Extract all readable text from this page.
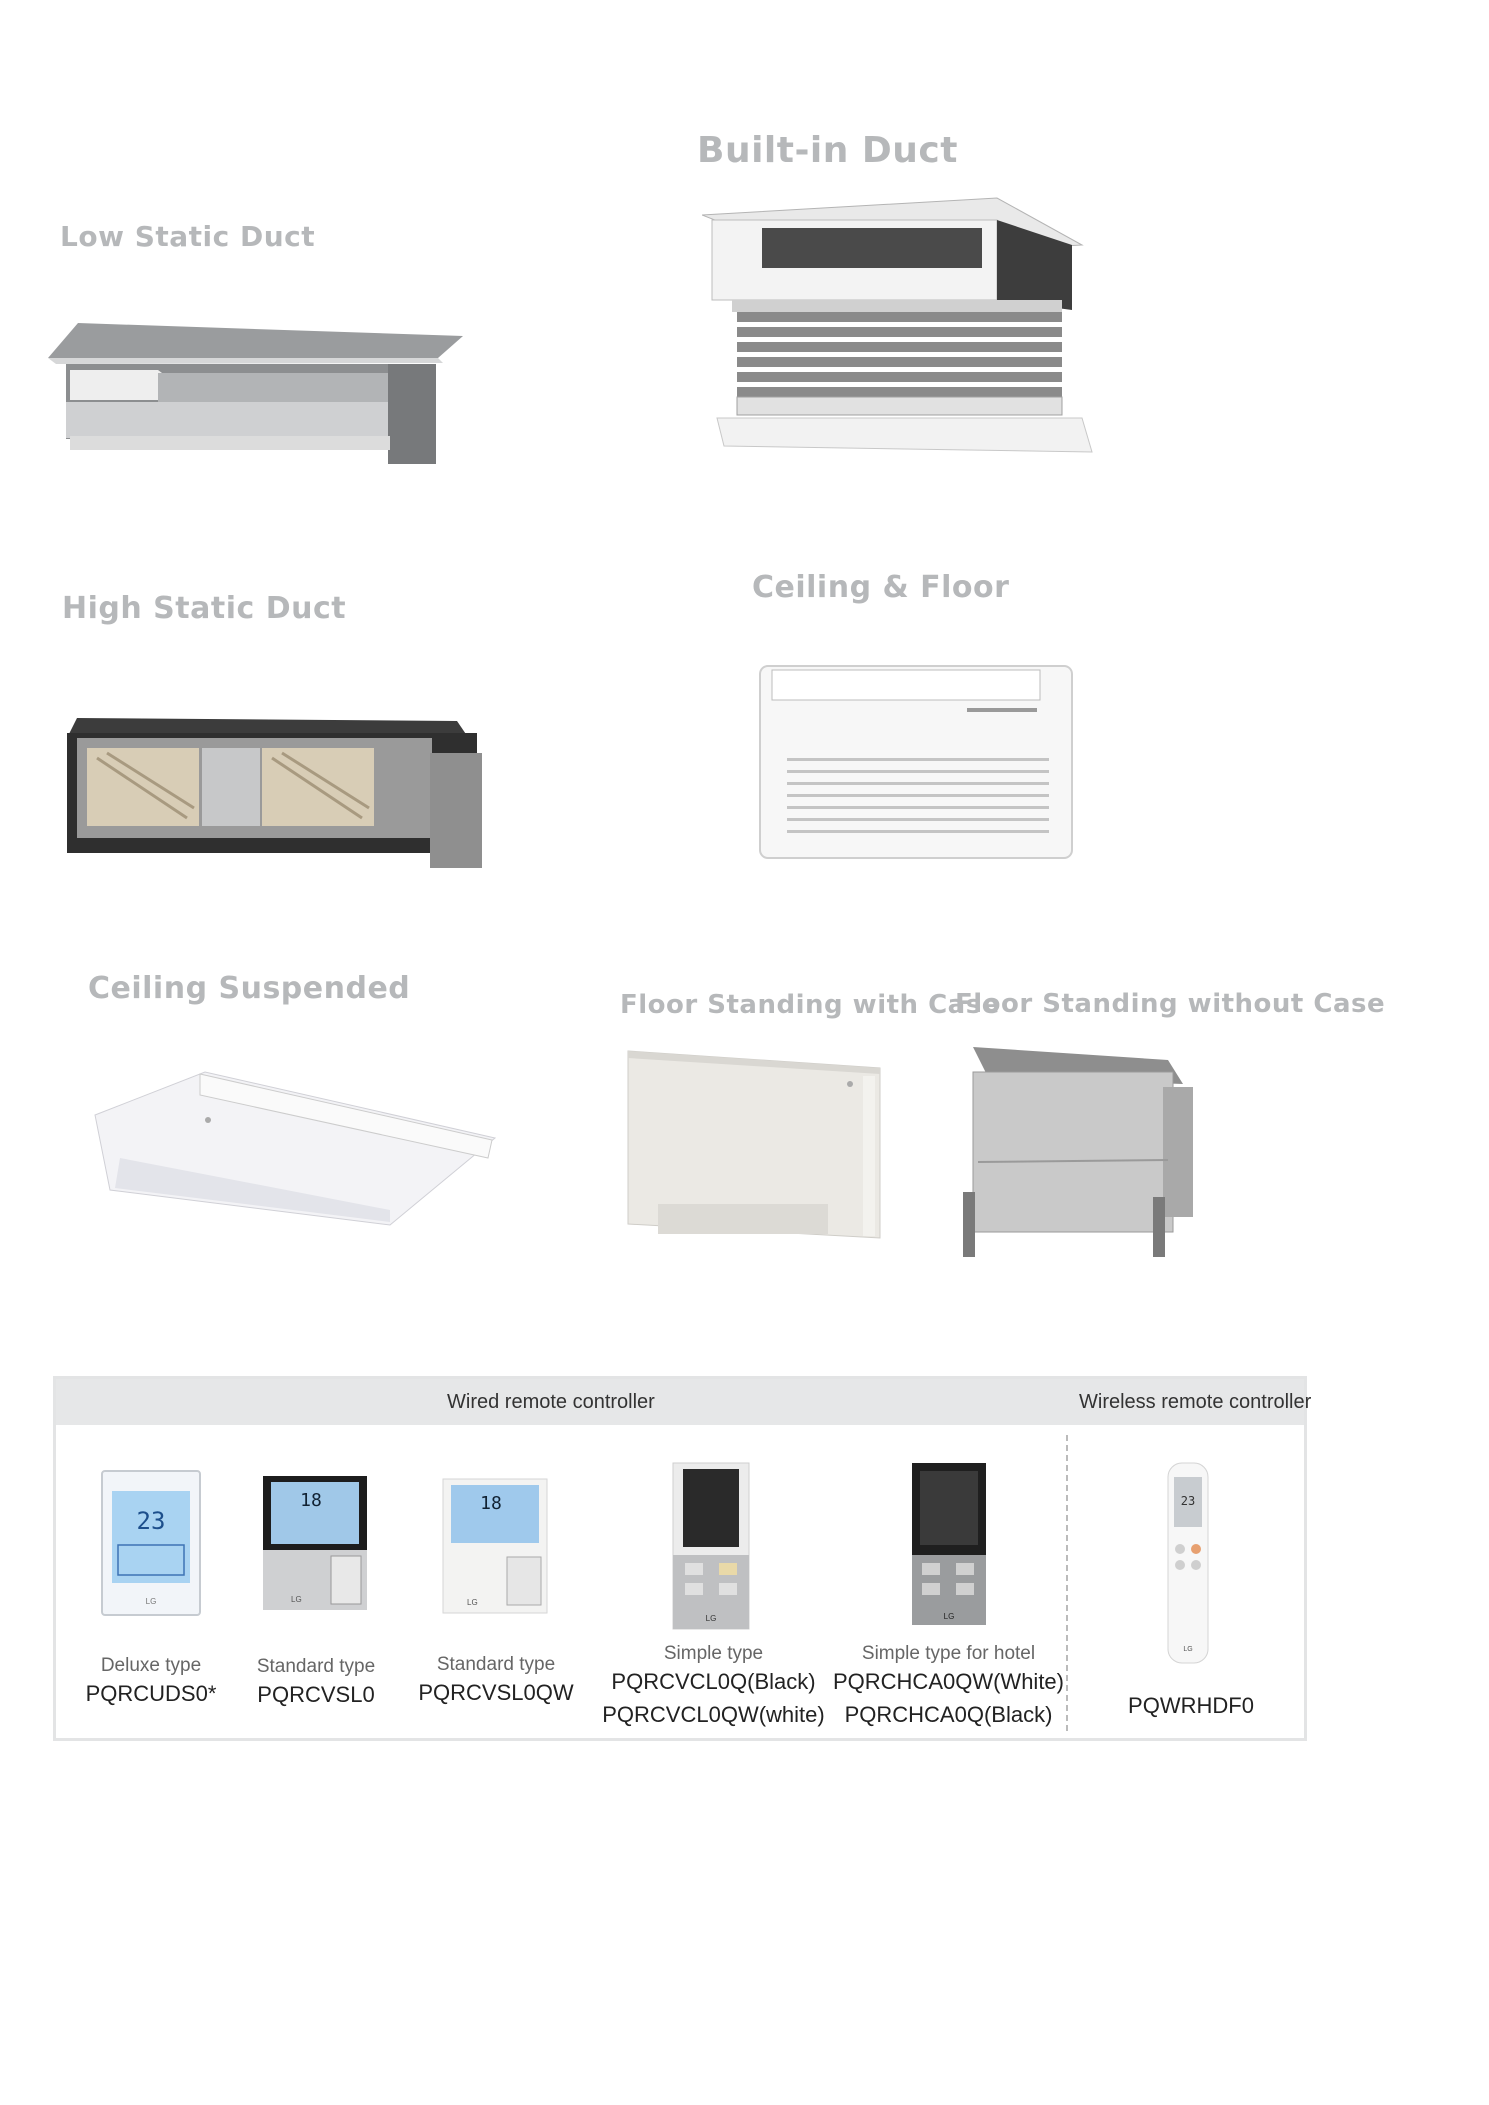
Low Static Duct
Built-in Duct
High Static Duct
Ceiling & Floor
Ceiling Suspended	Floor Standing with Case
Floor Standing without Case
Wired remote controller	Wireless remote controller
23
LG
18
LG
18
LG
LG	LG
23
LG
Deluxe type
PQRCUDS0*
Standard type
PQRCVSL0
Standard type
PQRCVSL0QW
Simple type
PQRCVCL0Q(Black)
PQRCVCL0QW(white)
Simple type for hotel
PQRCHCA0QW(White)
PQRCHCA0Q(Black)	PQWRHDF0
